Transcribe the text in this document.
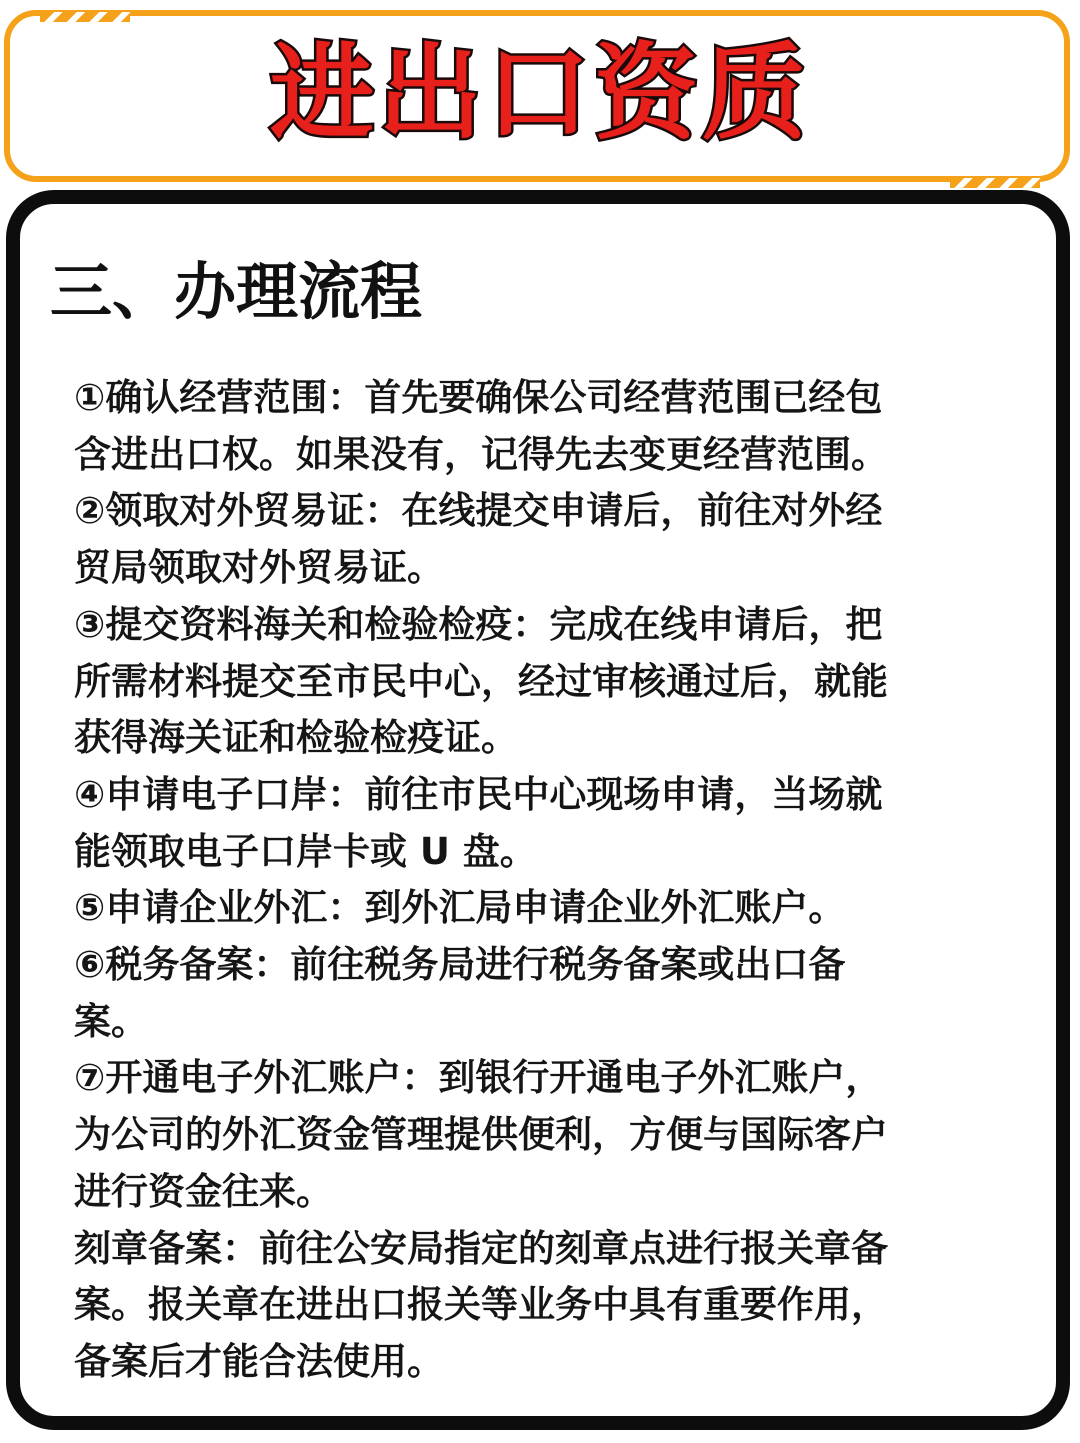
进出口资质
三、办理流程
①确认经营范围：首先要确保公司经营范围已经包
含进出口权。如果没有，记得先去变更经营范围。
②领取对外贸易证：在线提交申请后，前往对外经
贸局领取对外贸易证。
③提交资料海关和检验检疫：完成在线申请后，把
所需材料提交至市民中心，经过审核通过后，就能
获得海关证和检验检疫证。
④申请电子口岸：前往市民中心现场申请，当场就
能领取电子口岸卡或 U 盘。
⑤申请企业外汇：到外汇局申请企业外汇账户。
⑥税务备案：前往税务局进行税务备案或出口备
案。
⑦开通电子外汇账户：到银行开通电子外汇账户，
为公司的外汇资金管理提供便利，方便与国际客户
进行资金往来。
刻章备案：前往公安局指定的刻章点进行报关章备
案。报关章在进出口报关等业务中具有重要作用，
备案后才能合法使用。
